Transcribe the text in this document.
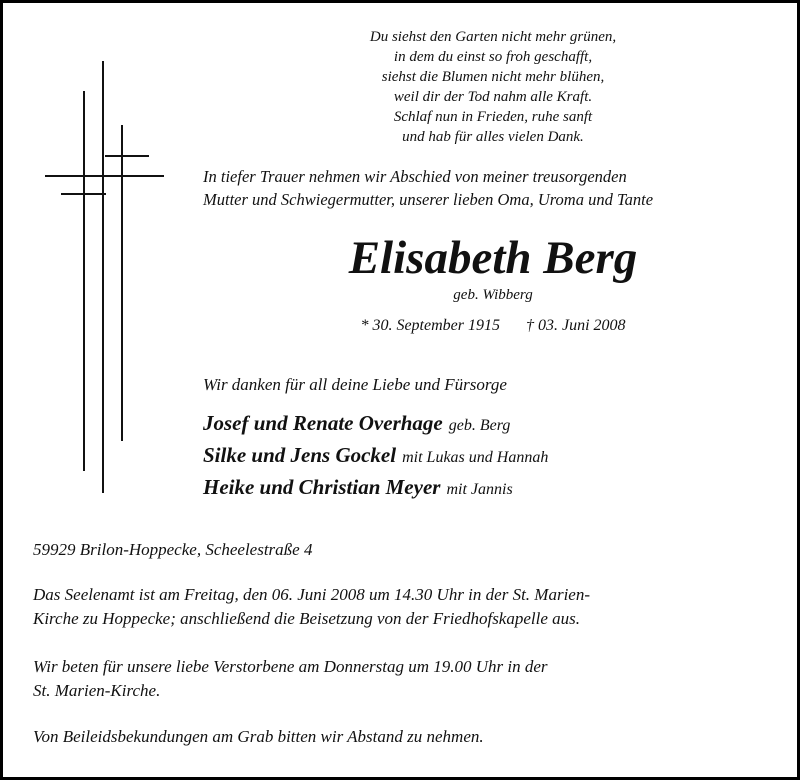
Du siehst den Garten nicht mehr grünen,
in dem du einst so froh geschafft,
siehst die Blumen nicht mehr blühen,
weil dir der Tod nahm alle Kraft.
Schlaf nun in Frieden, ruhe sanft
und hab für alles vielen Dank.
In tiefer Trauer nehmen wir Abschied von meiner treusorgenden
Mutter und Schwiegermutter, unserer lieben Oma, Uroma und Tante
Elisabeth Berg
geb. Wibberg
* 30. September 1915 † 03. Juni 2008
Wir danken für all deine Liebe und Fürsorge
Josef und Renate Overhage geb. Berg
Silke und Jens Gockel mit Lukas und Hannah
Heike und Christian Meyer mit Jannis
59929 Brilon-Hoppecke, Scheelestraße 4
Das Seelenamt ist am Freitag, den 06. Juni 2008 um 14.30 Uhr in der St. Marien-
Kirche zu Hoppecke; anschließend die Beisetzung von der Friedhofskapelle aus.
Wir beten für unsere liebe Verstorbene am Donnerstag um 19.00 Uhr in der
St. Marien-Kirche.
Von Beileidsbekundungen am Grab bitten wir Abstand zu nehmen.
